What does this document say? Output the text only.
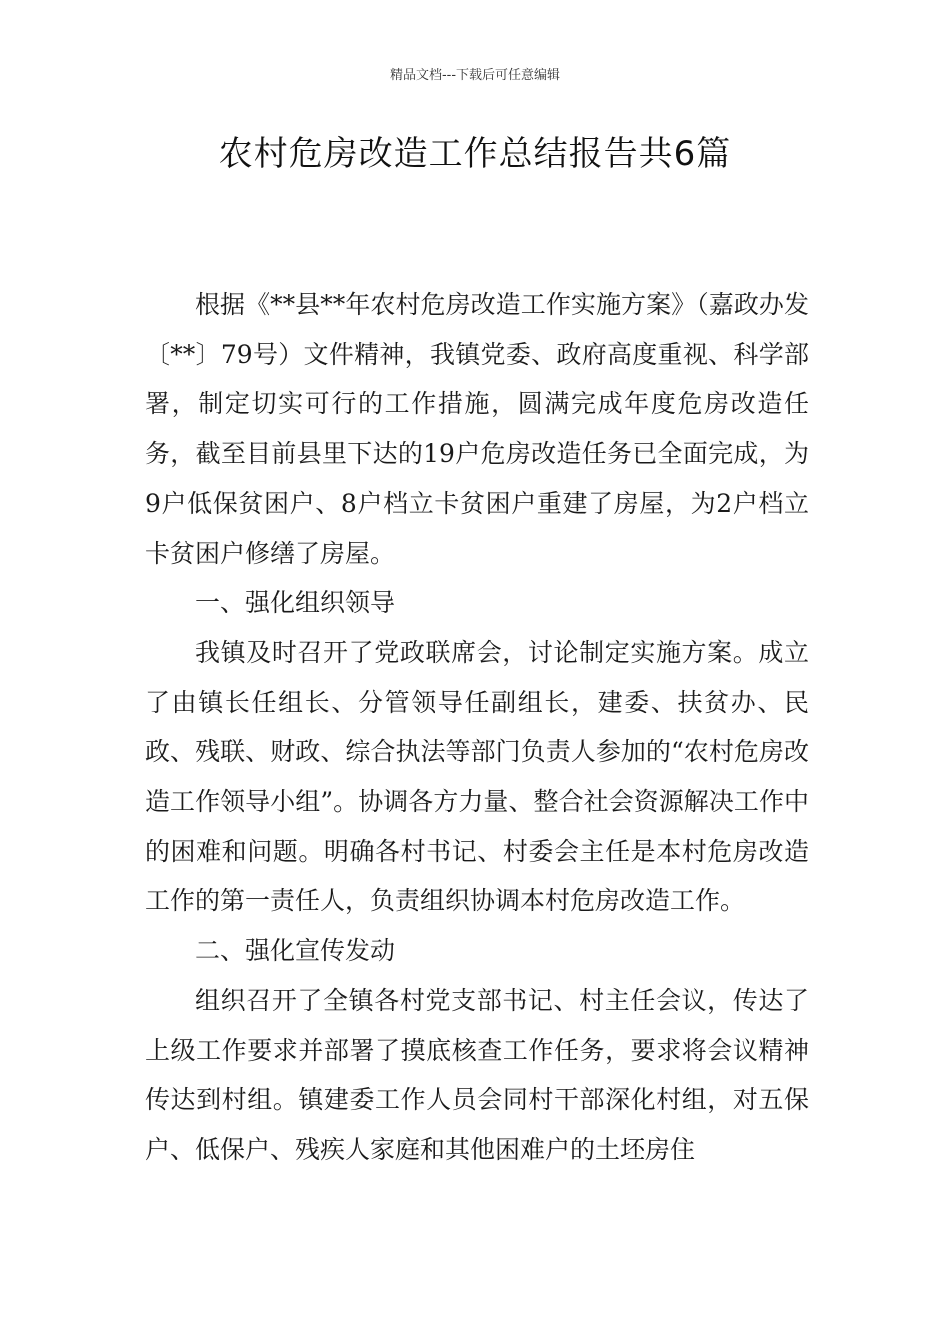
精品文档---下载后可任意编辑
农村危房改造工作总结报告共6篇

根据《**县**年农村危房改造工作实施方案》（嘉政办发〔**〕79号）文件精神，我镇党委、政府高度重视、科学部署，制定切实可行的工作措施，圆满完成年度危房改造任务，截至目前县里下达的19户危房改造任务已全面完成，为9户低保贫困户、8户档立卡贫困户重建了房屋，为2户档立卡贫困户修缮了房屋。

一、强化组织领导

我镇及时召开了党政联席会，讨论制定实施方案。成立了由镇长任组长、分管领导任副组长，建委、扶贫办、民政、残联、财政、综合执法等部门负责人参加的“农村危房改造工作领导小组”。协调各方力量、整合社会资源解决工作中的困难和问题。明确各村书记、村委会主任是本村危房改造工作的第一责任人，负责组织协调本村危房改造工作。

二、强化宣传发动

组织召开了全镇各村党支部书记、村主任会议，传达了上级工作要求并部署了摸底核查工作任务，要求将会议精神传达到村组。镇建委工作人员会同村干部深化村组，对五保户、低保户、残疾人家庭和其他困难户的土坯房住
